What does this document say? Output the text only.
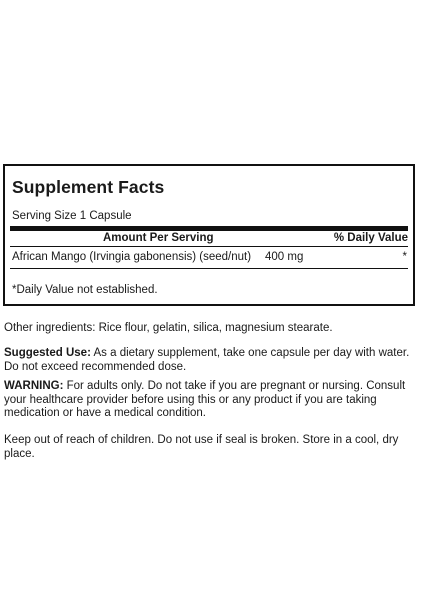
Supplement Facts
Serving Size 1 Capsule
Amount Per Serving	% Daily Value
African Mango (Irvingia gabonensis) (seed/nut) 400 mg	*
*Daily Value not established.
Other ingredients: Rice flour, gelatin, silica, magnesium stearate.
Suggested Use: As a dietary supplement, take one capsule per day with water. Do not exceed recommended dose.
WARNING: For adults only. Do not take if you are pregnant or nursing. Consult your healthcare provider before using this or any product if you are taking medication or have a medical condition.
Keep out of reach of children. Do not use if seal is broken. Store in a cool, dry place.
